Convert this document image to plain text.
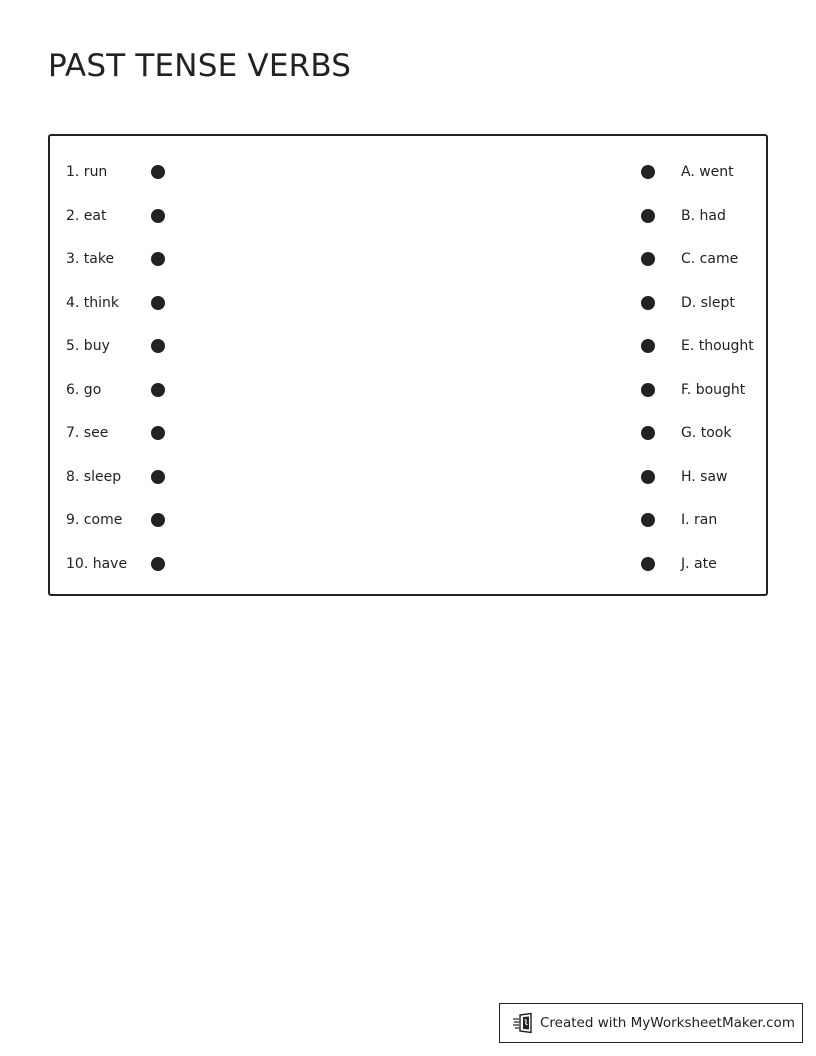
PAST TENSE VERBS
1. run	A. went
2. eat	B. had
3. take	C. came
4. think	D. slept
5. buy	E. thought
6. go	F. bought
7. see	G. took
8. sleep	H. saw
9. come	I. ran
10. have	J. ate
Created with MyWorksheetMaker.com
